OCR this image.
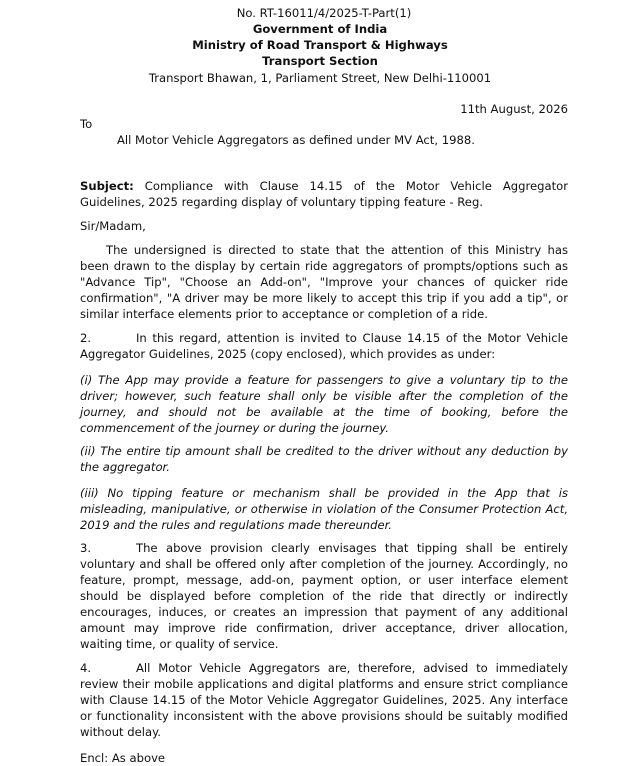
No. RT-16011/4/2025-T-Part(1)
Government of India
Ministry of Road Transport & Highways
Transport Section
Transport Bhawan, 1, Parliament Street, New Delhi-110001
11th August, 2026
To
All Motor Vehicle Aggregators as defined under MV Act, 1988.

Subject: Compliance with Clause 14.15 of the Motor Vehicle Aggregator Guidelines, 2025 regarding display of voluntary tipping feature - Reg.

Sir/Madam,

The undersigned is directed to state that the attention of this Ministry has been drawn to the display by certain ride aggregators of prompts/options such as "Advance Tip", "Choose an Add-on", "Improve your chances of quicker ride confirmation", "A driver may be more likely to accept this trip if you add a tip", or similar interface elements prior to acceptance or completion of a ride.

2.	In this regard, attention is invited to Clause 14.15 of the Motor Vehicle Aggregator Guidelines, 2025 (copy enclosed), which provides as under:

(i) The App may provide a feature for passengers to give a voluntary tip to the driver; however, such feature shall only be visible after the completion of the journey, and should not be available at the time of booking, before the commencement of the journey or during the journey.

(ii) The entire tip amount shall be credited to the driver without any deduction by the aggregator.

(iii) No tipping feature or mechanism shall be provided in the App that is misleading, manipulative, or otherwise in violation of the Consumer Protection Act, 2019 and the rules and regulations made thereunder.

3.	The above provision clearly envisages that tipping shall be entirely voluntary and shall be offered only after completion of the journey. Accordingly, no feature, prompt, message, add-on, payment option, or user interface element should be displayed before completion of the ride that directly or indirectly encourages, induces, or creates an impression that payment of any additional amount may improve ride confirmation, driver acceptance, driver allocation, waiting time, or quality of service.

4.	All Motor Vehicle Aggregators are, therefore, advised to immediately review their mobile applications and digital platforms and ensure strict compliance with Clause 14.15 of the Motor Vehicle Aggregator Guidelines, 2025. Any interface or functionality inconsistent with the above provisions should be suitably modified without delay.

Encl: As above
